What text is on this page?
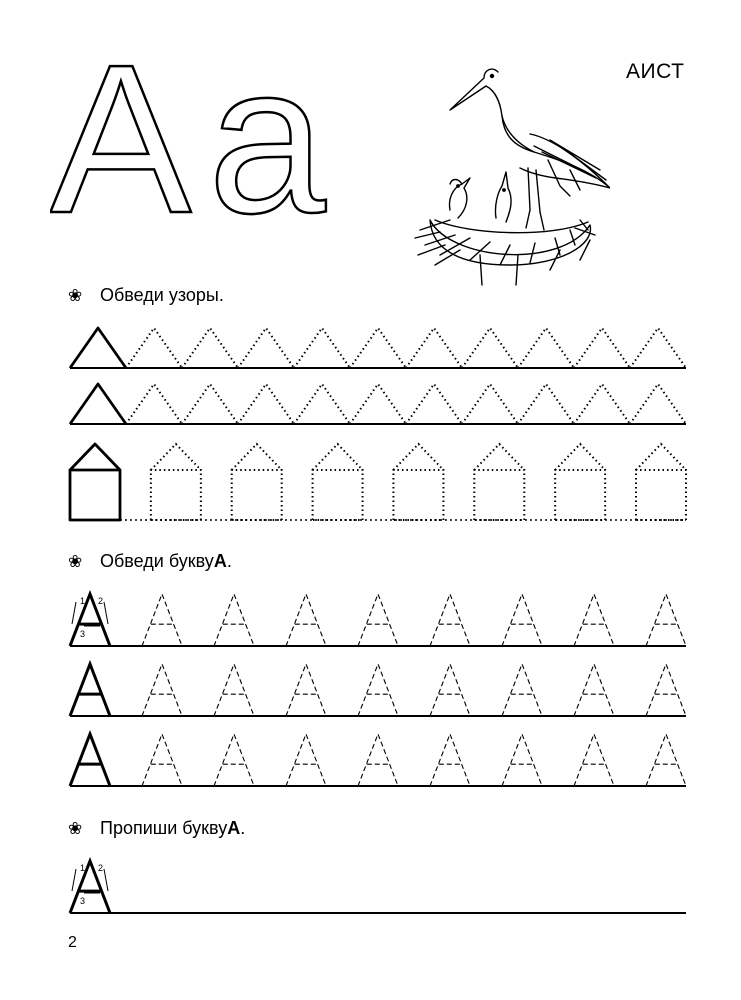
A a	АИСТ
❀ Обведи узоры.
❀ Обведи букву А .
❀ Пропиши букву А .
1 2
3
1 2
3
2
